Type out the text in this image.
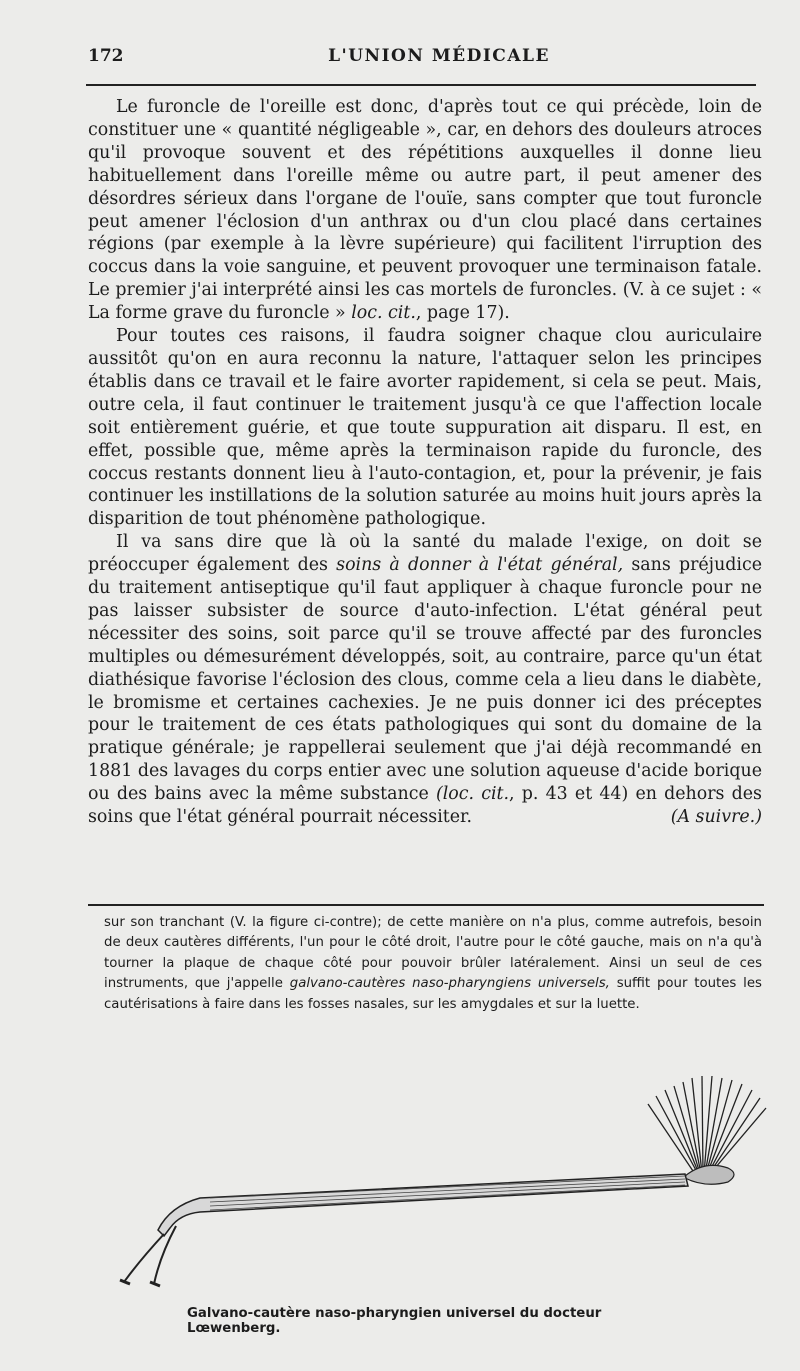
172	L'UNION MÉDICALE

Le furoncle de l'oreille est donc, d'après tout ce qui précède, loin de constituer une « quantité négligeable », car, en dehors des douleurs atroces qu'il provoque souvent et des répétitions auxquelles il donne lieu habituellement dans l'oreille même ou autre part, il peut amener des désordres sérieux dans l'organe de l'ouïe, sans compter que tout furoncle peut amener l'éclosion d'un anthrax ou d'un clou placé dans certaines régions (par exemple à la lèvre supérieure) qui facilitent l'irruption des coccus dans la voie sanguine, et peuvent provoquer une terminaison fatale. Le premier j'ai interprété ainsi les cas mortels de furoncles. (V. à ce sujet : « La forme grave du furoncle » loc. cit., page 17).

Pour toutes ces raisons, il faudra soigner chaque clou auriculaire aussitôt qu'on en aura reconnu la nature, l'attaquer selon les principes établis dans ce travail et le faire avorter rapidement, si cela se peut. Mais, outre cela, il faut continuer le traitement jusqu'à ce que l'affection locale soit entièrement guérie, et que toute suppuration ait disparu. Il est, en effet, possible que, même après la terminaison rapide du furoncle, des coccus restants donnent lieu à l'auto-contagion, et, pour la prévenir, je fais continuer les instillations de la solution saturée au moins huit jours après la disparition de tout phénomène pathologique.

Il va sans dire que là où la santé du malade l'exige, on doit se préoccuper également des soins à donner à l'état général, sans préjudice du traitement antiseptique qu'il faut appliquer à chaque furoncle pour ne pas laisser subsister de source d'auto-infection. L'état général peut nécessiter des soins, soit parce qu'il se trouve affecté par des furoncles multiples ou démesurément développés, soit, au contraire, parce qu'un état diathésique favorise l'éclosion des clous, comme cela a lieu dans le diabète, le bromisme et certaines cachexies. Je ne puis donner ici des préceptes pour le traitement de ces états pathologiques qui sont du domaine de la pratique générale; je rappellerai seulement que j'ai déjà recommandé en 1881 des lavages du corps entier avec une solution aqueuse d'acide borique ou des bains avec la même substance (loc. cit., p. 43 et 44) en dehors des soins que l'état général pourrait nécessiter.	(A suivre.)

sur son tranchant (V. la figure ci-contre); de cette manière on n'a plus, comme autrefois, besoin de deux cautères différents, l'un pour le côté droit, l'autre pour le côté gauche, mais on n'a qu'à tourner la plaque de chaque côté pour pouvoir brûler latéralement. Ainsi un seul de ces instruments, que j'appelle galvano-cautères naso-pharyngiens universels, suffit pour toutes les cautérisations à faire dans les fosses nasales, sur les amygdales et sur la luette.

Galvano-cautère naso-pharyngien universel du docteur Lœwenberg.
